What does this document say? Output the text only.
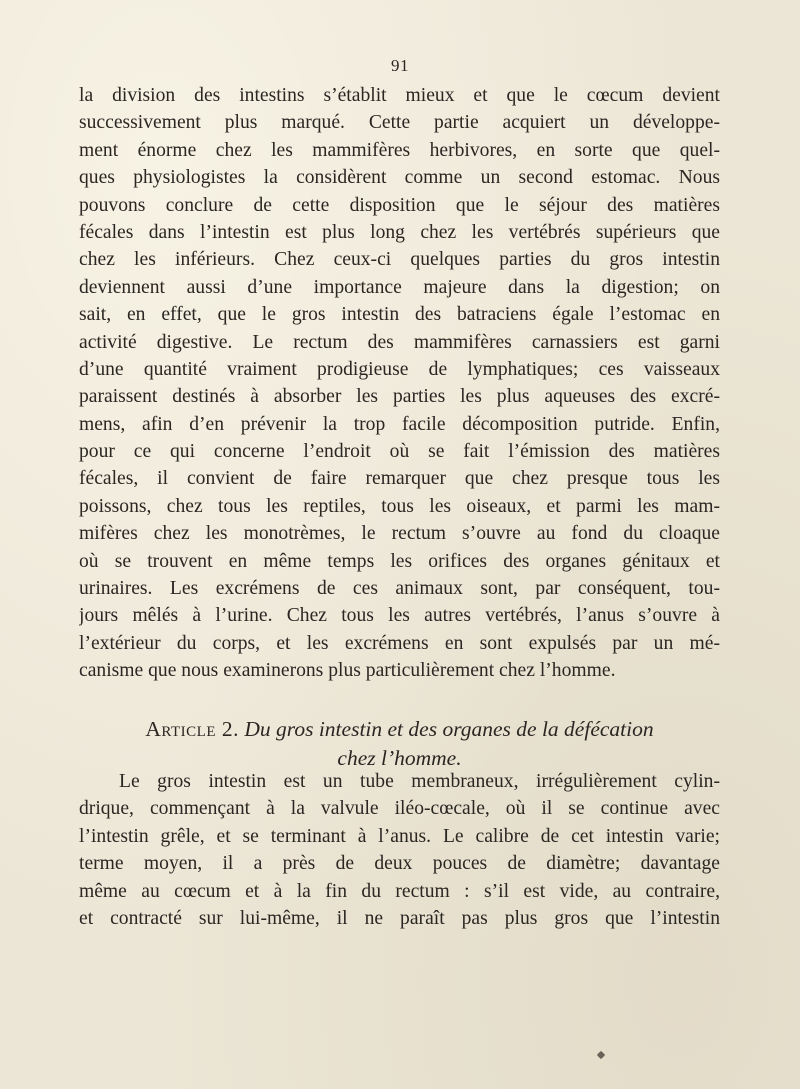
91
la division des intestins s’établit mieux et que le cœcum devient
successivement plus marqué. Cette partie acquiert un développe-
ment énorme chez les mammifères herbivores, en sorte que quel-
ques physiologistes la considèrent comme un second estomac. Nous
pouvons conclure de cette disposition que le séjour des matières
fécales dans l’intestin est plus long chez les vertébrés supérieurs que
chez les inférieurs. Chez ceux-ci quelques parties du gros intestin
deviennent aussi d’une importance majeure dans la digestion; on
sait, en effet, que le gros intestin des batraciens égale l’estomac en
activité digestive. Le rectum des mammifères carnassiers est garni
d’une quantité vraiment prodigieuse de lymphatiques; ces vaisseaux
paraissent destinés à absorber les parties les plus aqueuses des excré-
mens, afin d’en prévenir la trop facile décomposition putride. Enfin,
pour ce qui concerne l’endroit où se fait l’émission des matières
fécales, il convient de faire remarquer que chez presque tous les
poissons, chez tous les reptiles, tous les oiseaux, et parmi les mam-
mifères chez les monotrèmes, le rectum s’ouvre au fond du cloaque
où se trouvent en même temps les orifices des organes génitaux et
urinaires. Les excrémens de ces animaux sont, par conséquent, tou-
jours mêlés à l’urine. Chez tous les autres vertébrés, l’anus s’ouvre à
l’extérieur du corps, et les excrémens en sont expulsés par un mé-
canisme que nous examinerons plus particulièrement chez l’homme.
Article 2. Du gros intestin et des organes de la défécation
chez l’homme.
Le gros intestin est un tube membraneux, irrégulièrement cylin-
drique, commençant à la valvule iléo-cœcale, où il se continue avec
l’intestin grêle, et se terminant à l’anus. Le calibre de cet intestin varie;
terme moyen, il a près de deux pouces de diamètre; davantage
même au cœcum et à la fin du rectum : s’il est vide, au contraire,
et contracté sur lui-même, il ne paraît pas plus gros que l’intestin
